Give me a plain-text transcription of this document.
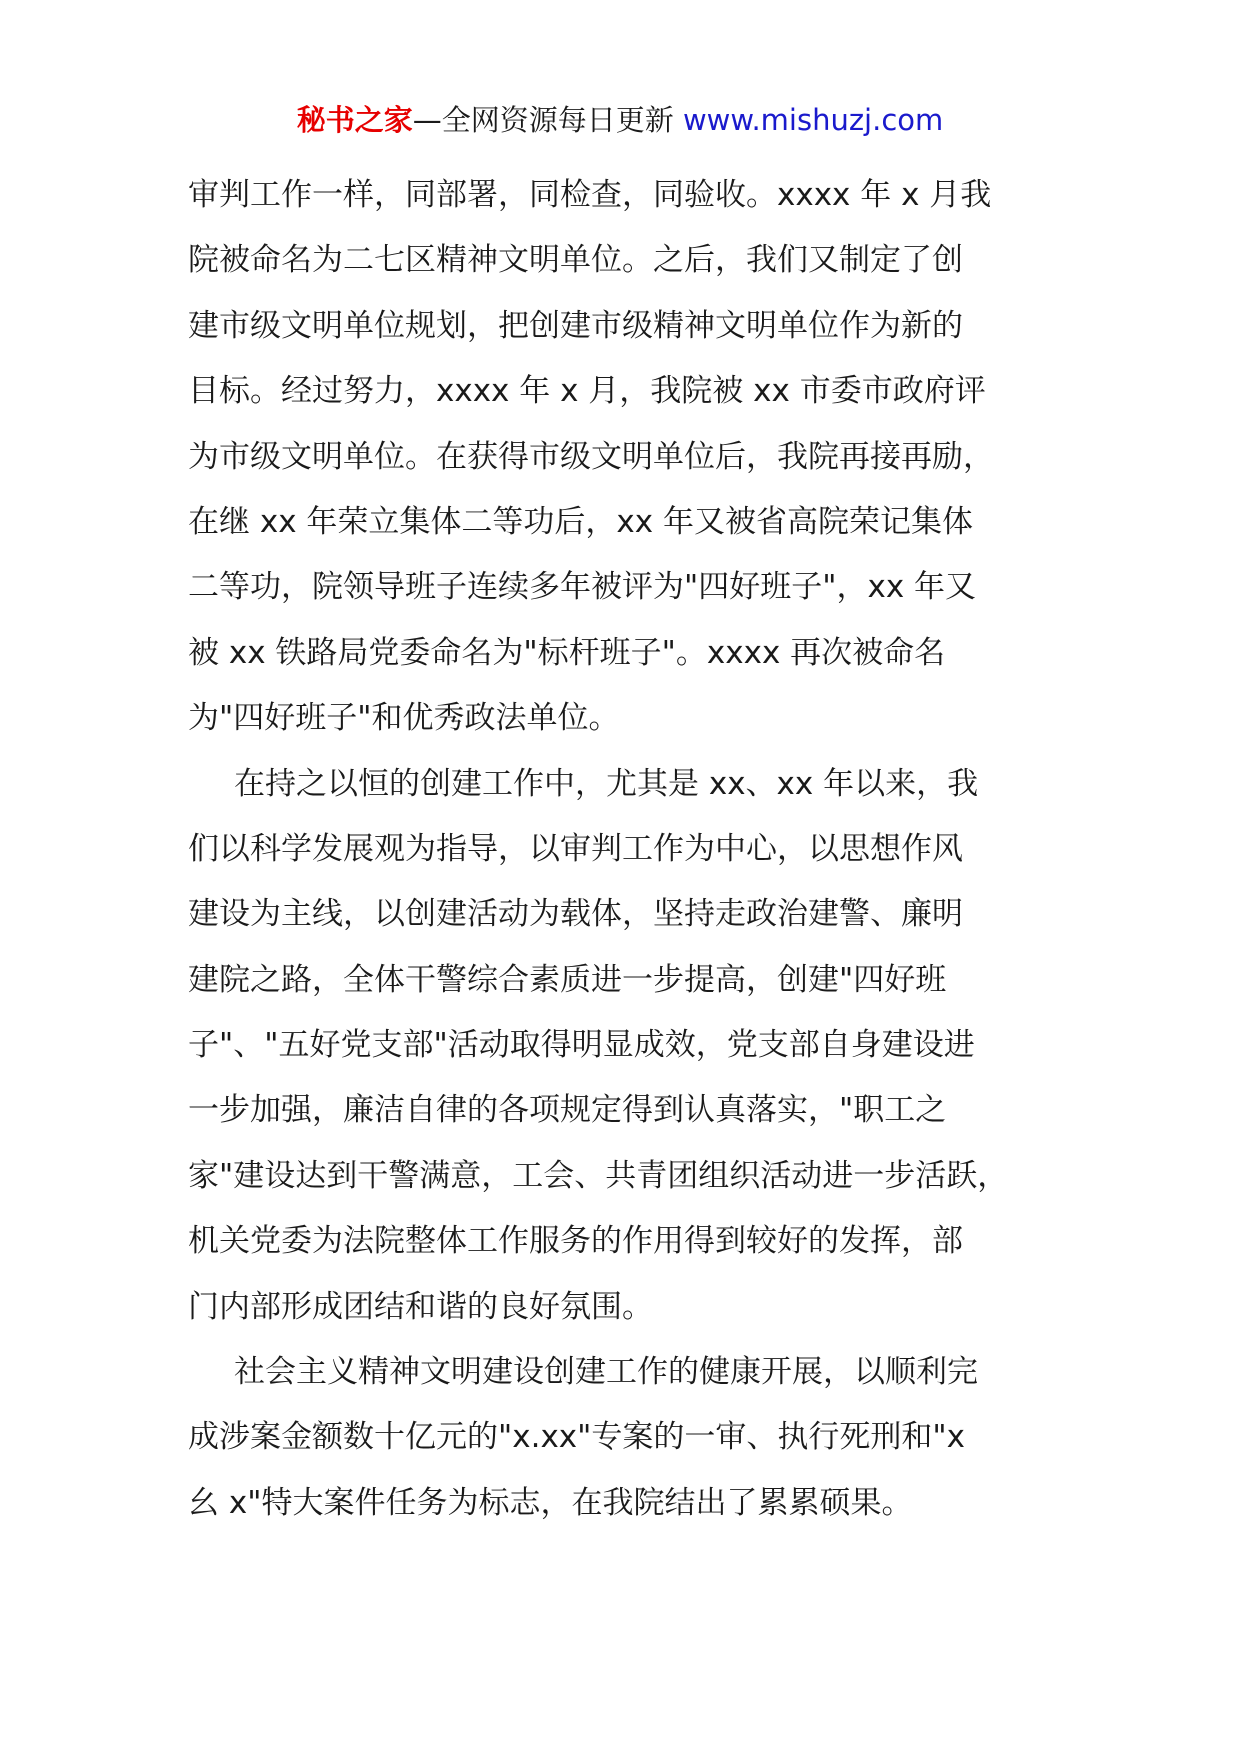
秘书之家—全网资源每日更新 www.mishuzj.com
审判工作一样，同部署，同检查，同验收。xxxx 年 x 月我
院被命名为二七区精神文明单位。之后，我们又制定了创
建市级文明单位规划，把创建市级精神文明单位作为新的
目标。经过努力，xxxx 年 x 月，我院被 xx 市委市政府评
为市级文明单位。在获得市级文明单位后，我院再接再励，
在继 xx 年荣立集体二等功后，xx 年又被省高院荣记集体
二等功，院领导班子连续多年被评为"四好班子"，xx 年又
被 xx 铁路局党委命名为"标杆班子"。xxxx 再次被命名
为"四好班子"和优秀政法单位。
在持之以恒的创建工作中，尤其是 xx、xx 年以来，我
们以科学发展观为指导，以审判工作为中心，以思想作风
建设为主线，以创建活动为载体，坚持走政治建警、廉明
建院之路，全体干警综合素质进一步提高，创建"四好班
子"、"五好党支部"活动取得明显成效，党支部自身建设进
一步加强，廉洁自律的各项规定得到认真落实，"职工之
家"建设达到干警满意，工会、共青团组织活动进一步活跃，
机关党委为法院整体工作服务的作用得到较好的发挥，部
门内部形成团结和谐的良好氛围。
社会主义精神文明建设创建工作的健康开展，以顺利完
成涉案金额数十亿元的"x.xx"专案的一审、执行死刑和"x
幺 x"特大案件任务为标志，在我院结出了累累硕果。
